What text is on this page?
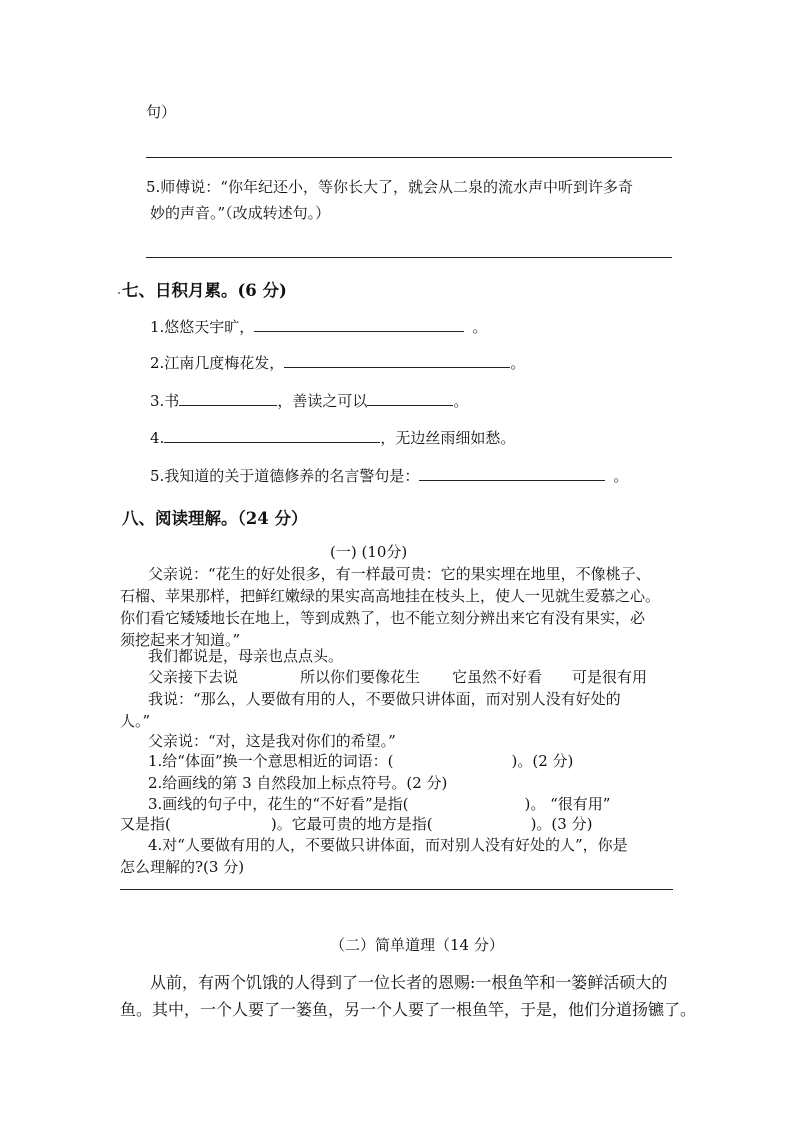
句）
5.师傅说：“你年纪还小，等你长大了，就会从二泉的流水声中听到许多奇
妙的声音。”（改成转述句。）
七、日积月累。(6 分)
1.悠悠天宇旷，	。
2.江南几度梅花发，	。
3.书	，善读之可以	。
4.	，无边丝雨细如愁。
5.我知道的关于道德修养的名言警句是：	。
八、阅读理解。（24 分）
(一) (10分)
父亲说：“花生的好处很多，有一样最可贵：它的果实埋在地里，不像桃子、
石榴、苹果那样，把鲜红嫩绿的果实高高地挂在枝头上，使人一见就生爱慕之心。
你们看它矮矮地长在地上，等到成熟了，也不能立刻分辨出来它有没有果实，必
须挖起来才知道。”
我们都说是，母亲也点点头。
父亲接下去说	所以你们要像花生 它虽然不好看 可是很有用
我说：“那么，人要做有用的人，不要做只讲体面，而对别人没有好处的
人。”
父亲说：“对，这是我对你们的希望。”
1.给“体面”换一个意思相近的词语：(	)。(2 分)
2.给画线的第 3 自然段加上标点符号。(2 分)
3.画线的句子中，花生的“不好看”是指(	)。 “很有用”
又是指(	)。它最可贵的地方是指(	)。(3 分)
4.对“人要做有用的人，不要做只讲体面，而对别人没有好处的人”，你是
怎么理解的?(3 分)
（二）简单道理（14 分）
从前，有两个饥饿的人得到了一位长者的恩赐:一根鱼竿和一篓鲜活硕大的
鱼。其中，一个人要了一篓鱼，另一个人要了一根鱼竿，于是，他们分道扬镳了。
